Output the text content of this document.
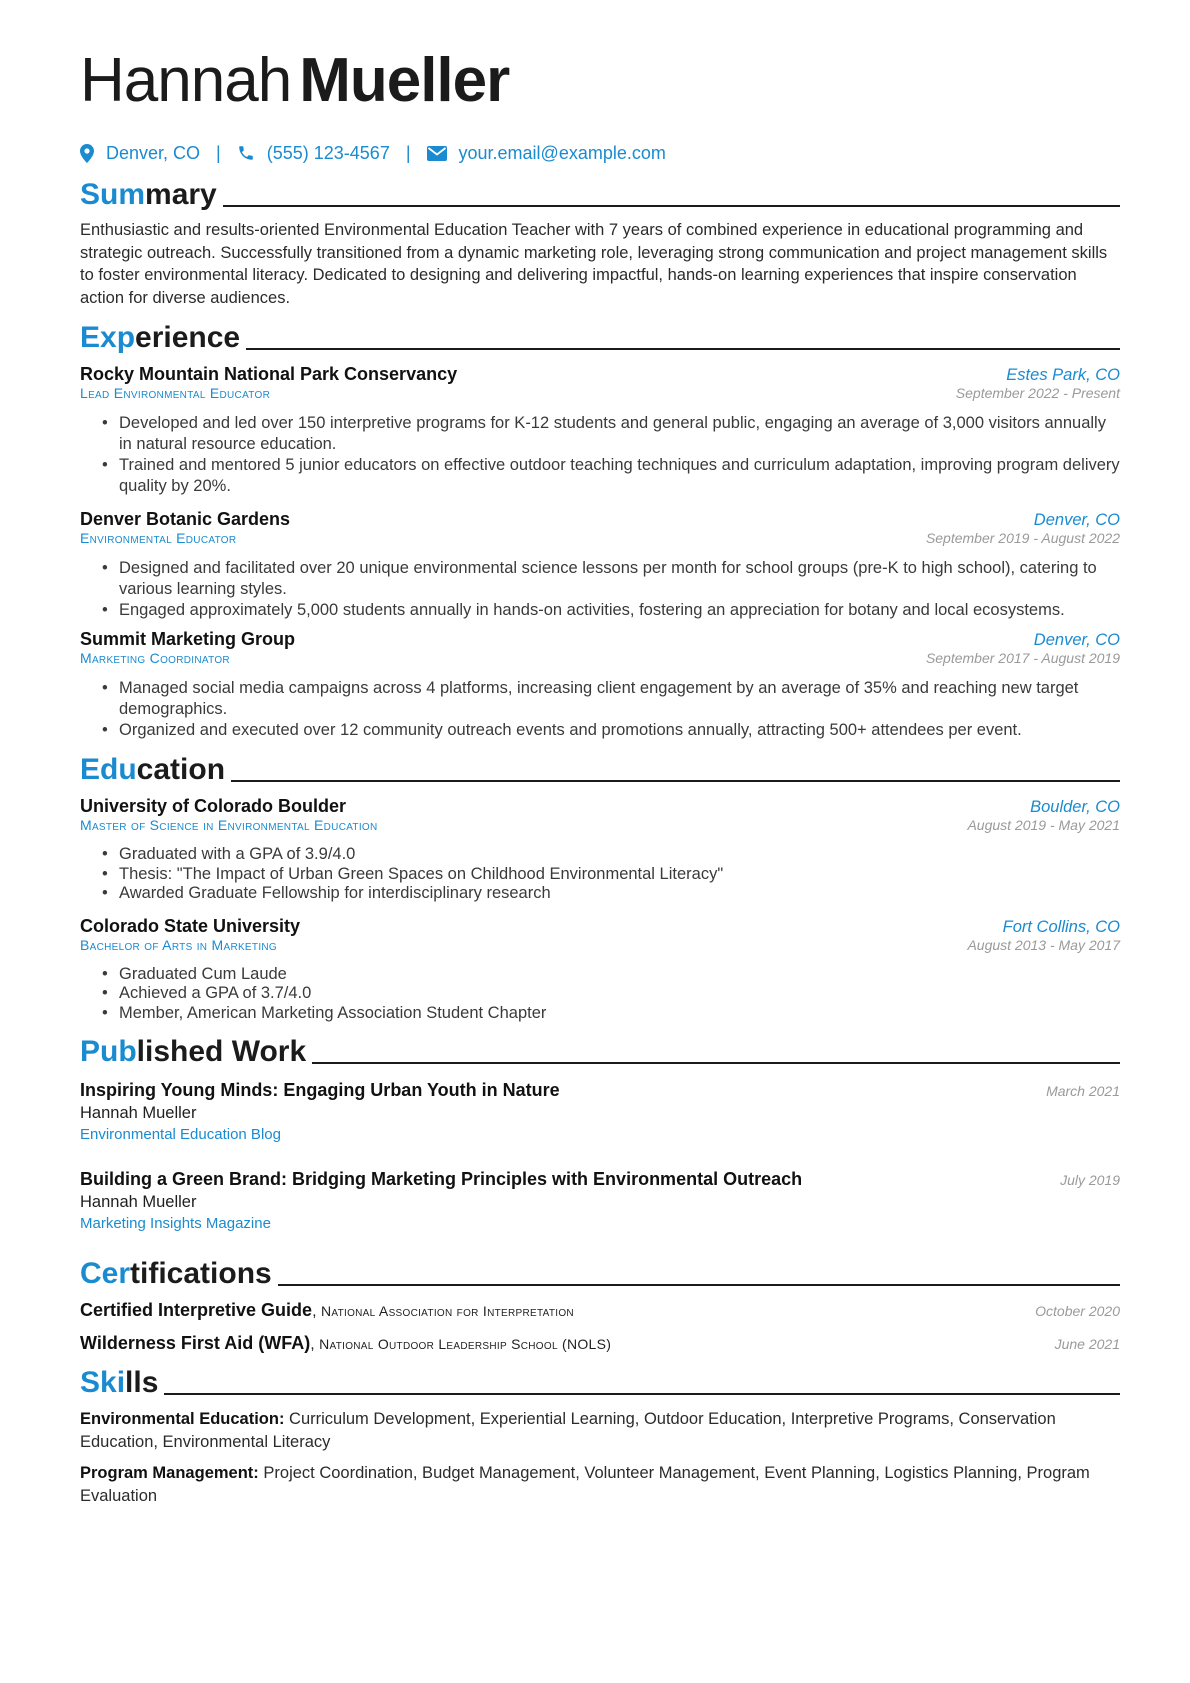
Hannah Mueller
Denver, CO |	(555) 123-4567 |	your.email@example.com
Summary

Enthusiastic and results-oriented Environmental Education Teacher with 7 years of combined experience in educational programming and strategic outreach. Successfully transitioned from a dynamic marketing role, leveraging strong communication and project management skills to foster environmental literacy. Dedicated to designing and delivering impactful, hands-on learning experiences that inspire conservation action for diverse audiences.

Experience
Rocky Mountain National Park Conservancy	Estes Park, CO
Lead Environmental Educator	September 2022 - Present
• Developed and led over 150 interpretive programs for K-12 students and general public, engaging an average of 3,000 visitors annually in natural resource education.
• Trained and mentored 5 junior educators on effective outdoor teaching techniques and curriculum adaptation, improving program delivery quality by 20%.
Denver Botanic Gardens	Denver, CO
Environmental Educator	September 2019 - August 2022
• Designed and facilitated over 20 unique environmental science lessons per month for school groups (pre-K to high school), catering to various learning styles.
• Engaged approximately 5,000 students annually in hands-on activities, fostering an appreciation for botany and local ecosystems.
Summit Marketing Group	Denver, CO
Marketing Coordinator	September 2017 - August 2019
• Managed social media campaigns across 4 platforms, increasing client engagement by an average of 35% and reaching new target demographics.
• Organized and executed over 12 community outreach events and promotions annually, attracting 500+ attendees per event.
Education
University of Colorado Boulder	Boulder, CO
Master of Science in Environmental Education	August 2019 - May 2021
• Graduated with a GPA of 3.9/4.0
• Thesis: "The Impact of Urban Green Spaces on Childhood Environmental Literacy"
• Awarded Graduate Fellowship for interdisciplinary research
Colorado State University	Fort Collins, CO
Bachelor of Arts in Marketing	August 2013 - May 2017
• Graduated Cum Laude
• Achieved a GPA of 3.7/4.0
• Member, American Marketing Association Student Chapter
Published Work
Inspiring Young Minds: Engaging Urban Youth in Nature	March 2021
Hannah Mueller
Environmental Education Blog
Building a Green Brand: Bridging Marketing Principles with Environmental Outreach	July 2019
Hannah Mueller
Marketing Insights Magazine
Certifications
Certified Interpretive Guide, National Association for Interpretation	October 2020
Wilderness First Aid (WFA), National Outdoor Leadership School (NOLS)	June 2021
Skills

Environmental Education: Curriculum Development, Experiential Learning, Outdoor Education, Interpretive Programs, Conservation Education, Environmental Literacy

Program Management: Project Coordination, Budget Management, Volunteer Management, Event Planning, Logistics Planning, Program Evaluation
